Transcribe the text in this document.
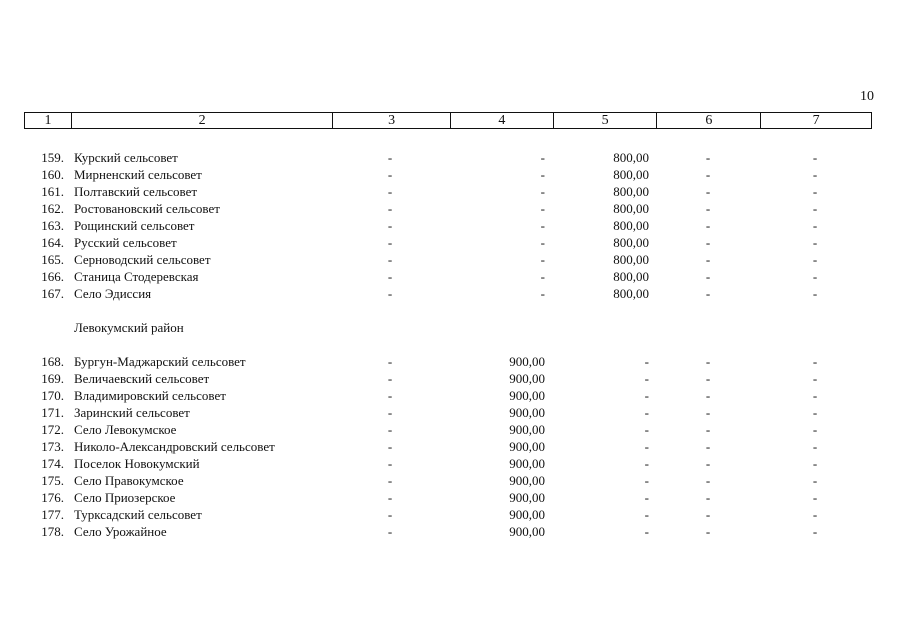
10
1	2	3	4	5	6	7
159. Курский сельсовет	-	-	800,00	-	-
160. Мирненский сельсовет	-	-	800,00	-	-
161. Полтавский сельсовет	-	-	800,00	-	-
162. Ростовановский сельсовет	-	-	800,00	-	-
163. Рощинский сельсовет	-	-	800,00	-	-
164. Русский сельсовет	-	-	800,00	-	-
165. Серноводский сельсовет	-	-	800,00	-	-
166. Станица Стодеревская	-	-	800,00	-	-
167. Село Эдиссия	-	-	800,00	-	-
Левокумский район
168. Бургун-Маджарский сельсовет	-	900,00	-	-	-
169. Величаевский сельсовет	-	900,00	-	-	-
170. Владимировский сельсовет	-	900,00	-	-	-
171. Заринский сельсовет	-	900,00	-	-	-
172. Село Левокумское	-	900,00	-	-	-
173. Николо-Александровский сельсовет	-	900,00	-	-	-
174. Поселок Новокумский	-	900,00	-	-	-
175. Село Правокумское	-	900,00	-	-	-
176. Село Приозерское	-	900,00	-	-	-
177. Турксадский сельсовет	-	900,00	-	-	-
178. Село Урожайное	-	900,00	-	-	-
